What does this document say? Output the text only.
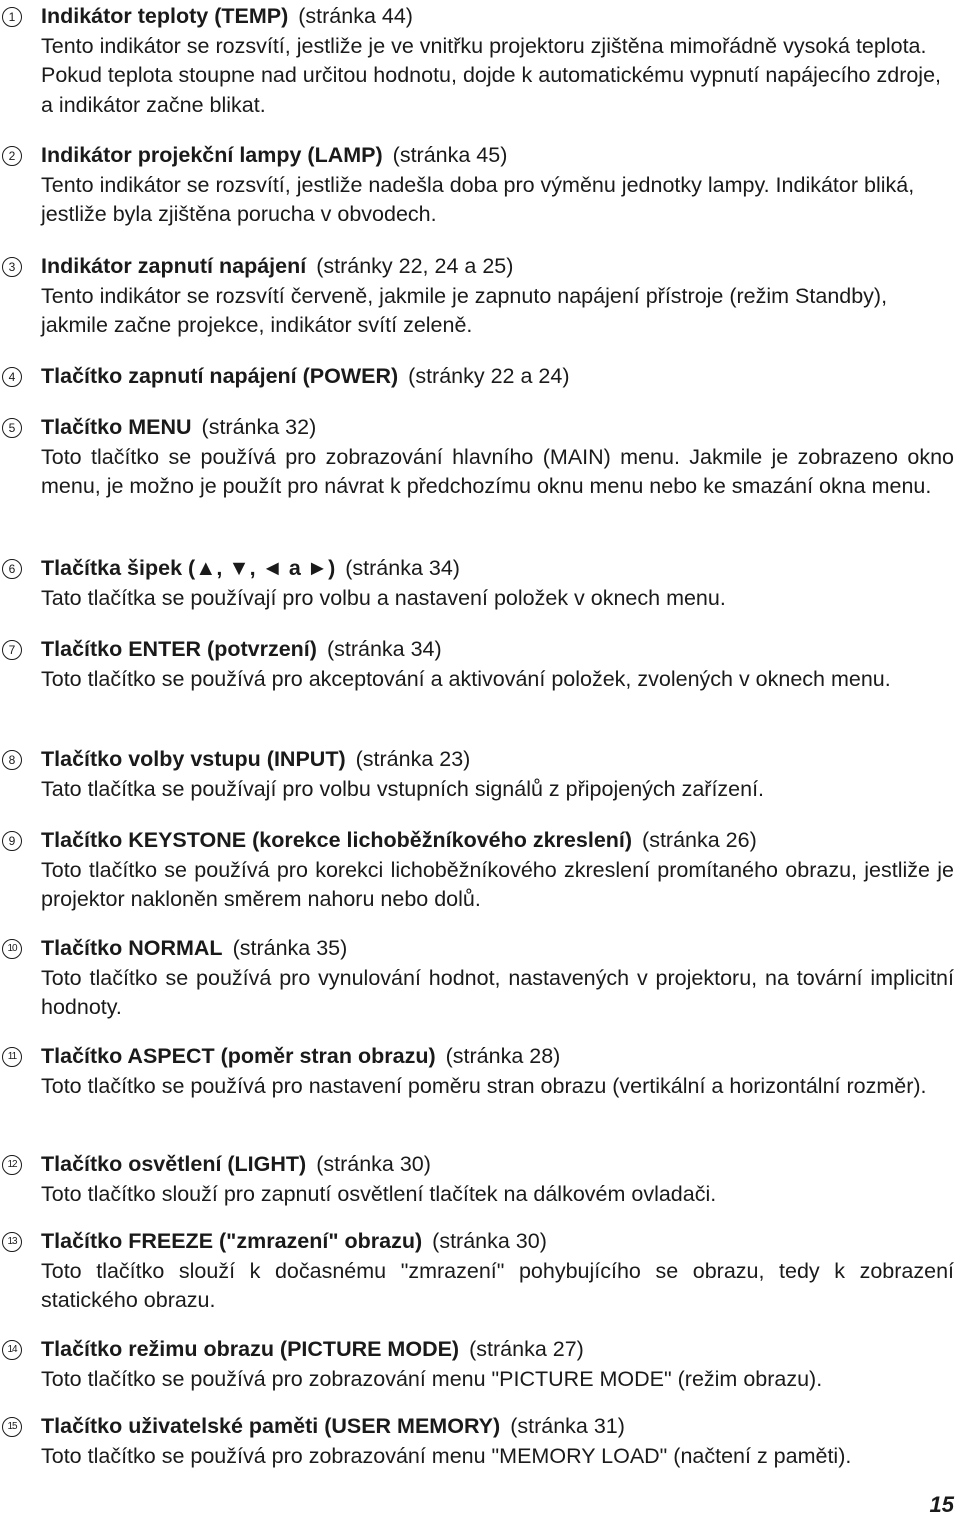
1	Indikátor teploty (TEMP) (stránka 44)
Tento indikátor se rozsvítí, jestliže je ve vnitřku projektoru zjištěna mimořádně vysoká teplota. Pokud teplota stoupne nad určitou hodnotu, dojde k automatickému vypnutí napájecího zdroje, a indikátor začne blikat.
2	Indikátor projekční lampy (LAMP) (stránka 45)
Tento indikátor se rozsvítí, jestliže nadešla doba pro výměnu jednotky lampy. Indikátor bliká, jestliže byla zjištěna porucha v obvodech.
3	Indikátor zapnutí napájení (stránky 22, 24 a 25)
Tento indikátor se rozsvítí červeně, jakmile je zapnuto napájení přístroje (režim Standby), jakmile začne projekce, indikátor svítí zeleně.
4	Tlačítko zapnutí napájení (POWER) (stránky 22 a 24)
5	Tlačítko MENU (stránka 32)
Toto tlačítko se používá pro zobrazování hlavního (MAIN) menu. Jakmile je zobrazeno okno menu, je možno je použít pro návrat k předchozímu oknu menu nebo ke smazání okna menu.
6	Tlačítka šipek (▲, ▼, ◄ a ►) (stránka 34)
Tato tlačítka se používají pro volbu a nastavení položek v oknech menu.
7	Tlačítko ENTER (potvrzení) (stránka 34)
Toto tlačítko se používá pro akceptování a aktivování položek, zvolených v oknech menu.
8	Tlačítko volby vstupu (INPUT) (stránka 23)
Tato tlačítka se používají pro volbu vstupních signálů z připojených zařízení.
9	Tlačítko KEYSTONE (korekce lichoběžníkového zkreslení) (stránka 26)
Toto tlačítko se používá pro korekci lichoběžníkového zkreslení promítaného obrazu, jestliže je projektor nakloněn směrem nahoru nebo dolů.
10 Tlačítko NORMAL (stránka 35)
Toto tlačítko se používá pro vynulování hodnot, nastavených v projektoru, na tovární implicitní hodnoty.
11 Tlačítko ASPECT (poměr stran obrazu) (stránka 28)
Toto tlačítko se používá pro nastavení poměru stran obrazu (vertikální a horizontální rozměr).
12 Tlačítko osvětlení (LIGHT) (stránka 30)
Toto tlačítko slouží pro zapnutí osvětlení tlačítek na dálkovém ovladači.
13 Tlačítko FREEZE ("zmrazení" obrazu) (stránka 30)
Toto tlačítko slouží k dočasnému "zmrazení" pohybujícího se obrazu, tedy k zobrazení statického obrazu.
14 Tlačítko režimu obrazu (PICTURE MODE) (stránka 27)
Toto tlačítko se používá pro zobrazování menu "PICTURE MODE" (režim obrazu).
15 Tlačítko uživatelské paměti (USER MEMORY) (stránka 31)
Toto tlačítko se používá pro zobrazování menu "MEMORY LOAD" (načtení z paměti).
15
